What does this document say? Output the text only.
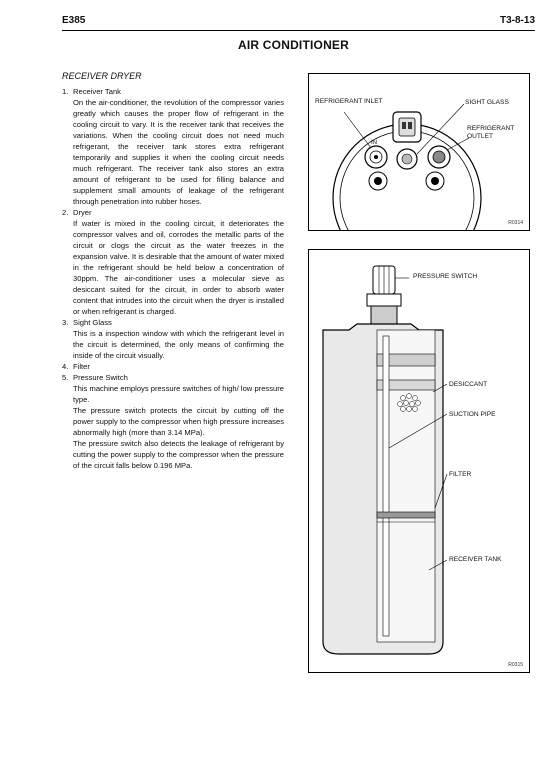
E385	T3-8-13
AIR CONDITIONER
RECEIVER DRYER
1. Receiver Tank

On the air-conditioner, the revolution of the compressor varies greatly which causes the proper flow of refrigerant in the cooling circuit to vary. It is the receiver tank that receives the variations. When the cooling circuit does not need much refrigerant, the receiver tank stores extra refrigerant temporarily and supplies it when the cooling circuit needs much refrigerant. The receiver tank also stores an extra amount of refrigerant to be used for filling balance and supplement small amounts of leakage of the refrigerant through penetration into rubber hoses.

2. Dryer

If water is mixed in the cooling circuit, it deteriorates the compressor valves and oil, corrodes the metallic parts of the circuit or clogs the circuit as the water freezes in the expansion valve. It is desirable that the amount of water mixed in the refrigerant should be held below a concentration of 30ppm. The air-conditioner uses a molecular sieve as desiccant suited for the circuit, in order to absorb water content that intrudes into the circuit when the dryer is installed or when refrigerant is charged.

3. Sight Glass

This is a inspection window with which the refrigerant level in the circuit is determined, the only means of confirming the inside of the circuit visually.

4. Filter
5. Pressure Switch

This machine employs pressure switches of high/ low pressure type.

The pressure switch protects the circuit by cutting off the power supply to the compressor when high pressure increases abnormally high (more than 3.14 MPa).

The pressure switch also detects the leakage of refrigerant by cutting the power supply to the compressor when the pressure of the circuit falls below 0.196 MPa.

REFRIGERANT INLET	SIGHT GLASS
REFRIGERANT OUTLET
IN
R0314
PRESSURE SWITCH
DESICCANT
SUCTION PIPE
FILTER
RECEIVER TANK
R0315
